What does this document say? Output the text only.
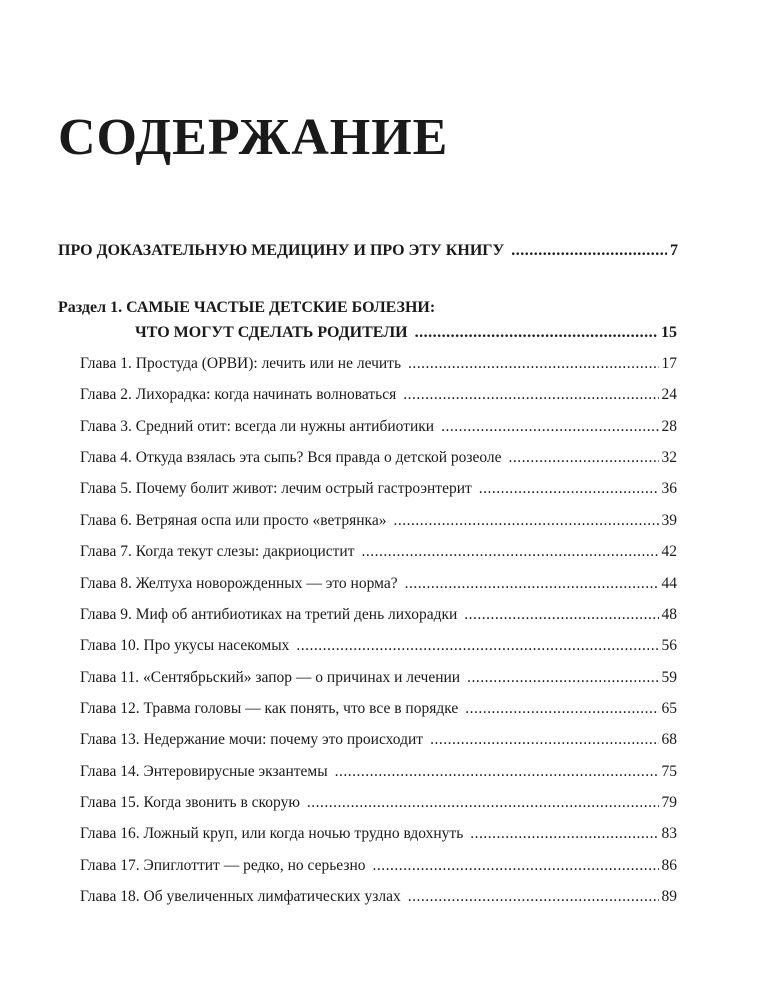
СОДЕРЖАНИЕ
ПРО ДОКАЗАТЕЛЬНУЮ МЕДИЦИНУ И ПРО ЭТУ КНИГУ .....	7
Раздел 1. САМЫЕ ЧАСТЫЕ ДЕТСКИЕ БОЛЕЗНИ:
ЧТО МОГУТ СДЕЛАТЬ РОДИТЕЛИ .....	15
Глава 1. Простуда (ОРВИ): лечить или не лечить .....	17
Глава 2. Лихорадка: когда начинать волноваться .....	24
Глава 3. Средний отит: всегда ли нужны антибиотики .....	28
Глава 4. Откуда взялась эта сыпь? Вся правда о детской розеоле .....	32
Глава 5. Почему болит живот: лечим острый гастроэнтерит .....	36
Глава 6. Ветряная оспа или просто «ветрянка» .....	39
Глава 7. Когда текут слезы: дакриоцистит .....	42
Глава 8. Желтуха новорожденных — это норма? .....	44
Глава 9. Миф об антибиотиках на третий день лихорадки .....	48
Глава 10. Про укусы насекомых .....	56
Глава 11. «Сентябрьский» запор — о причинах и лечении .....	59
Глава 12. Травма головы — как понять, что все в порядке .....	65
Глава 13. Недержание мочи: почему это происходит .....	68
Глава 14. Энтеровирусные экзантемы .....	75
Глава 15. Когда звонить в скорую .....	79
Глава 16. Ложный круп, или когда ночью трудно вдохнуть .....	83
Глава 17. Эпиглоттит — редко, но серьезно .....	86
Глава 18. Об увеличенных лимфатических узлах .....	89
